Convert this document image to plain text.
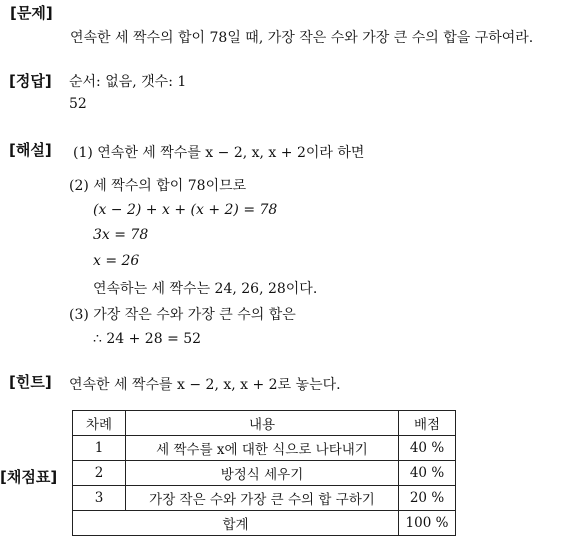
[문제]
[정답]
[해설]
[힌트]
[채점표]
연속한 세 짝수의 합이 78일 때, 가장 작은 수와 가장 큰 수의 합을 구하여라.
순서: 없음, 갯수: 1
52
(1) 연속한 세 짝수를 x − 2, x, x + 2이라 하면
(2) 세 짝수의 합이 78이므로
(x − 2) + x + (x + 2) = 78
3x = 78
x = 26
연속하는 세 짝수는 24, 26, 28이다.
(3) 가장 작은 수와 가장 큰 수의 합은
∴ 24 + 28 = 52
연속한 세 짝수를 x − 2, x, x + 2로 놓는다.
차례	내용	배점
1	세 짝수를 x에 대한 식으로 나타내기	40 %
2	방정식 세우기	40 %
3	가장 작은 수와 가장 큰 수의 합 구하기	20 %
합계		100 %
